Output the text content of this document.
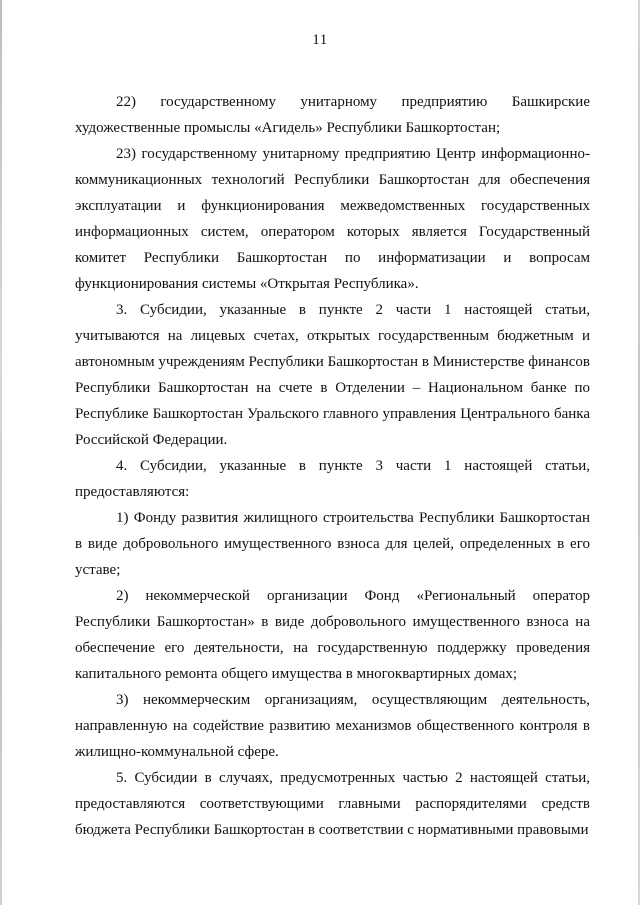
11

22) государственному унитарному предприятию Башкирские художественные промыслы «Агидель» Республики Башкортостан;

23) государственному унитарному предприятию Центр информационно-коммуникационных технологий Республики Башкортостан для обеспечения эксплуатации и функционирования межведомственных государственных информационных систем, оператором которых является Государственный комитет Республики Башкортостан по информатизации и вопросам функционирования системы «Открытая Республика».

3. Субсидии, указанные в пункте 2 части 1 настоящей статьи, учитываются на лицевых счетах, открытых государственным бюджетным и автономным учреждениям Республики Башкортостан в Министерстве финансов Республики Башкортостан на счете в Отделении – Национальном банке по Республике Башкортостан Уральского главного управления Центрального банка Российской Федерации.

4. Субсидии, указанные в пункте 3 части 1 настоящей статьи, предоставляются:

1) Фонду развития жилищного строительства Республики Башкортостан в виде добровольного имущественного взноса для целей, определенных в его уставе;

2) некоммерческой организации Фонд «Региональный оператор Республики Башкортостан» в виде добровольного имущественного взноса на обеспечение его деятельности, на государственную поддержку проведения капитального ремонта общего имущества в многоквартирных домах;

3) некоммерческим организациям, осуществляющим деятельность, направленную на содействие развитию механизмов общественного контроля в жилищно-коммунальной сфере.

5. Субсидии в случаях, предусмотренных частью 2 настоящей статьи, предоставляются соответствующими главными распорядителями средств бюджета Республики Башкортостан в соответствии с нормативными правовыми
